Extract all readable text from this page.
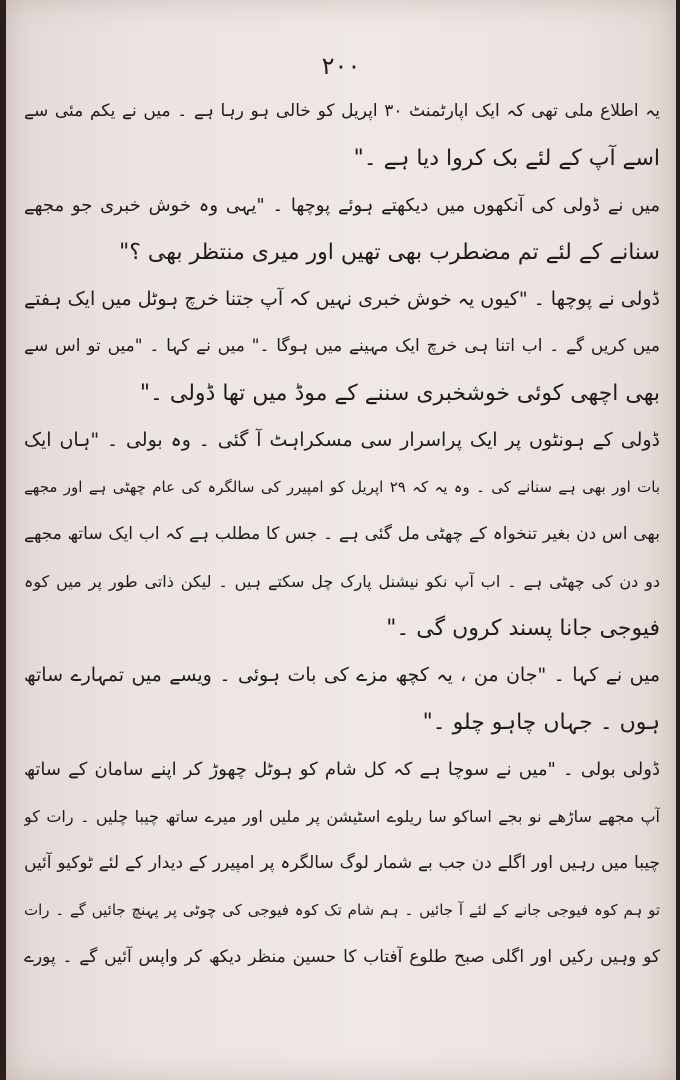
۲۰۰
یہ اطلاع ملی تھی کہ ایک اپارٹمنٹ ۳۰ اپریل کو خالی ہو رہا ہے ۔ میں نے یکم مئی سے
اسے آپ کے لئے بک کروا دیا ہے ۔"
میں نے ڈولی کی آنکھوں میں دیکھتے ہوئے پوچھا ۔ "یہی وہ خوش خبری جو مجھے
سنانے کے لئے تم مضطرب بھی تھیں اور میری منتظر بھی ؟"
ڈولی نے پوچھا ۔ "کیوں یہ خوش خبری نہیں کہ آپ جتنا خرچ ہوٹل میں ایک ہفتے
میں کریں گے ۔ اب اتنا ہی خرچ ایک مہینے میں ہوگا ۔" میں نے کہا ۔ "میں تو اس سے
بھی اچھی کوئی خوشخبری سننے کے موڈ میں تھا ڈولی ۔"
ڈولی کے ہونٹوں پر ایک پراسرار سی مسکراہٹ آ گئی ۔ وہ بولی ۔ "ہاں ایک
بات اور بھی ہے سنانے کی ۔ وہ یہ کہ ۲۹ اپریل کو امپیرر کی سالگرہ کی عام چھٹی ہے اور مجھے
بھی اس دن بغیر تنخواہ کے چھٹی مل گئی ہے ۔ جس کا مطلب ہے کہ اب ایک ساتھ مجھے
دو دن کی چھٹی ہے ۔ اب آپ نکو نیشنل پارک چل سکتے ہیں ۔ لیکن ذاتی طور پر میں کوہ
فیوجی جانا پسند کروں گی ۔"
میں نے کہا ۔ "جان من ، یہ کچھ مزے کی بات ہوئی ۔ ویسے میں تمہارے ساتھ
ہوں ۔ جہاں چاہو چلو ۔"
ڈولی بولی ۔ "میں نے سوچا ہے کہ کل شام کو ہوٹل چھوڑ کر اپنے سامان کے ساتھ
آپ مجھے ساڑھے نو بجے اساکو سا ریلوے اسٹیشن پر ملیں اور میرے ساتھ چیبا چلیں ۔ رات کو
چیبا میں رہیں اور اگلے دن جب بے شمار لوگ سالگرہ پر امپیرر کے دیدار کے لئے ٹوکیو آئیں
تو ہم کوہ فیوجی جانے کے لئے آ جائیں ۔ ہم شام تک کوہ فیوجی کی چوٹی پر پہنچ جائیں گے ۔ رات
کو وہیں رکیں اور اگلی صبح طلوع آفتاب کا حسین منظر دیکھ کر واپس آئیں گے ۔ پورے
